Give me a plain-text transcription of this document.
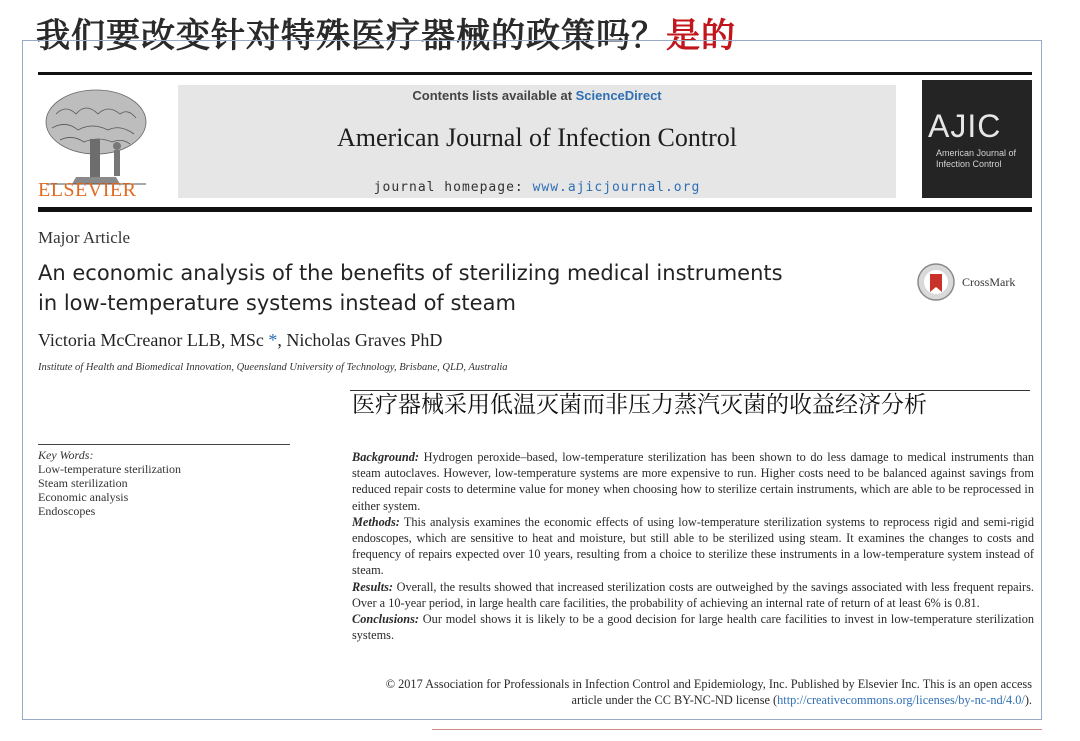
我们要改变针对特殊医疗器械的政策吗？是的
ELSEVIER
Contents lists available at ScienceDirect
American Journal of Infection Control
journal homepage: www.ajicjournal.org
AJIC
American Journal of Infection Control
Major Article
An economic analysis of the benefits of sterilizing medical instruments in low-temperature systems instead of steam
CrossMark
Victoria McCreanor LLB, MSc *, Nicholas Graves PhD
Institute of Health and Biomedical Innovation, Queensland University of Technology, Brisbane, QLD, Australia
Key Words:
Low-temperature sterilization
Steam sterilization
Economic analysis
Endoscopes
Background: Hydrogen peroxide–based, low-temperature sterilization has been shown to do less damage to medical instruments than steam autoclaves. However, low-temperature systems are more expensive to run. Higher costs need to be balanced against savings from reduced repair costs to determine value for money when choosing how to sterilize certain instruments, which are able to be reprocessed in either system.
Methods: This analysis examines the economic effects of using low-temperature sterilization systems to reprocess rigid and semi-rigid endoscopes, which are sensitive to heat and moisture, but still able to be sterilized using steam. It examines the changes to costs and frequency of repairs expected over 10 years, resulting from a choice to sterilize these instruments in a low-temperature system instead of steam.
Results: Overall, the results showed that increased sterilization costs are outweighed by the savings associated with less frequent repairs. Over a 10-year period, in large health care facilities, the probability of achieving an internal rate of return of at least 6% is 0.81.
Conclusions: Our model shows it is likely to be a good decision for large health care facilities to invest in low-temperature sterilization systems.
© 2017 Association for Professionals in Infection Control and Epidemiology, Inc. Published by Elsevier Inc. This is an open access article under the CC BY-NC-ND license (http://creativecommons.org/licenses/by-nc-nd/4.0/).
医疗器械采用低温灭菌而非压力蒸汽灭菌的收益经济分析
